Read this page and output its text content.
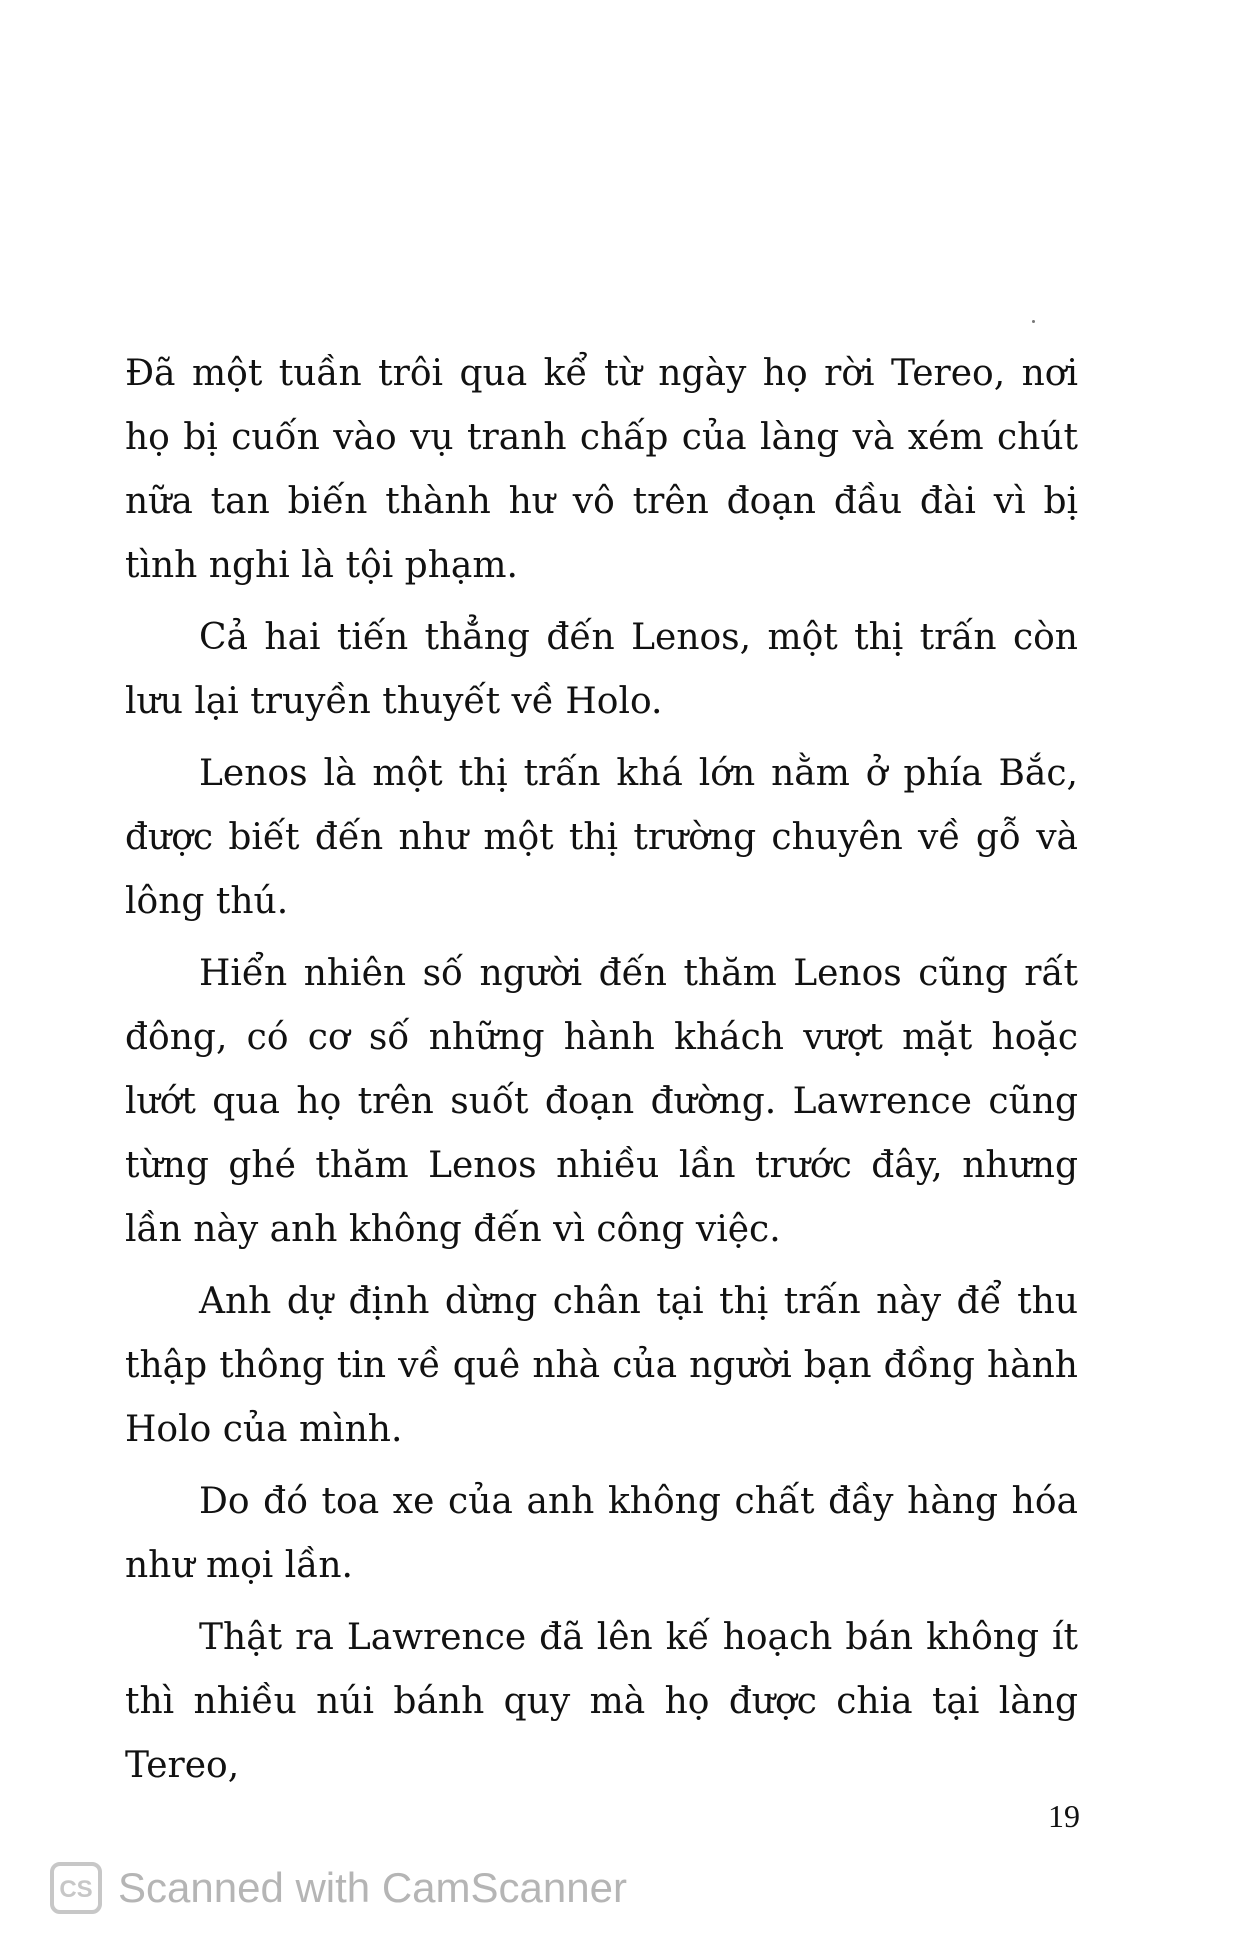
Đã một tuần trôi qua kể từ ngày họ rời Tereo, nơi họ bị cuốn vào vụ tranh chấp của làng và xém chút nữa tan biến thành hư vô trên đoạn đầu đài vì bị tình nghi là tội phạm.

Cả hai tiến thẳng đến Lenos, một thị trấn còn lưu lại truyền thuyết về Holo.

Lenos là một thị trấn khá lớn nằm ở phía Bắc, được biết đến như một thị trường chuyên về gỗ và lông thú.

Hiển nhiên số người đến thăm Lenos cũng rất đông, có cơ số những hành khách vượt mặt hoặc lướt qua họ trên suốt đoạn đường. Lawrence cũng từng ghé thăm Lenos nhiều lần trước đây, nhưng lần này anh không đến vì công việc.

Anh dự định dừng chân tại thị trấn này để thu thập thông tin về quê nhà của người bạn đồng hành Holo của mình.

Do đó toa xe của anh không chất đầy hàng hóa như mọi lần.

Thật ra Lawrence đã lên kế hoạch bán không ít thì nhiều núi bánh quy mà họ được chia tại làng Tereo,

19
CS Scanned with CamScanner
